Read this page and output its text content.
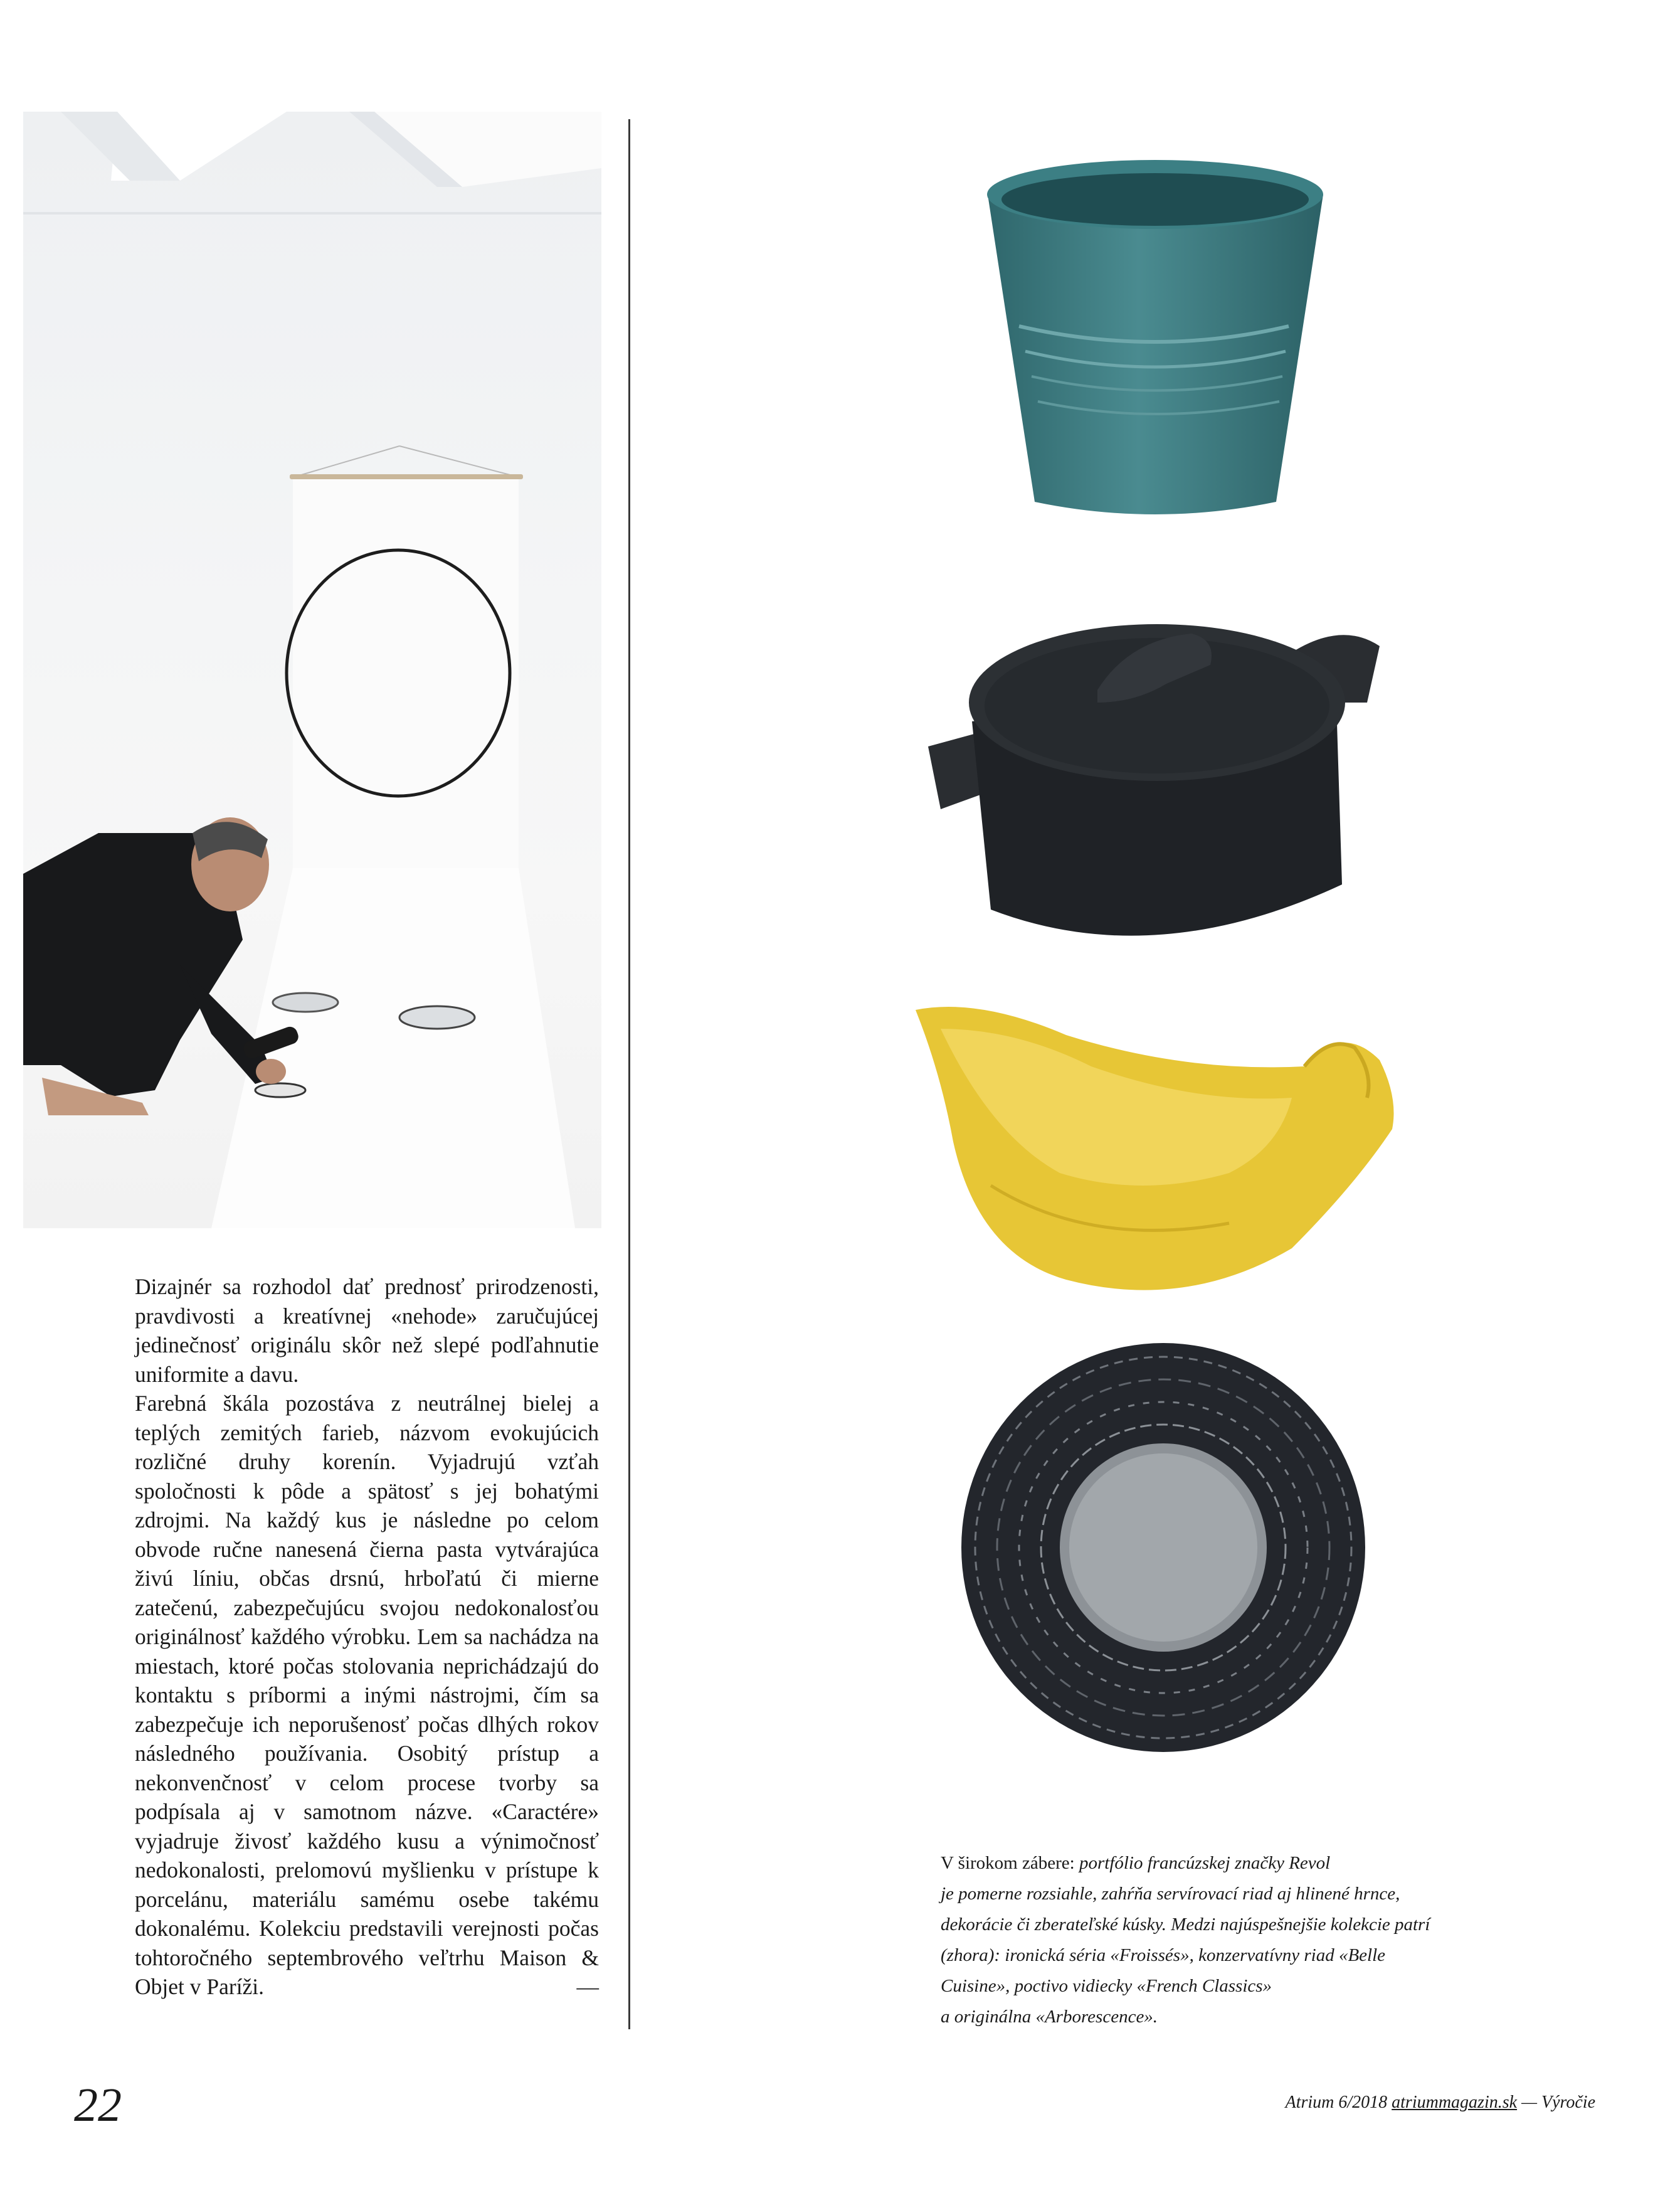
Dizajnér sa rozhodol dať prednosť prirodzenosti, pravdivosti a kreatívnej «nehode» zaručujúcej jedinečnosť originálu skôr než slepé podľahnutie uniformite a davu.

Farebná škála pozostáva z neutrálnej bielej a teplých zemitých farieb, názvom evokujúcich rozličné druhy korenín. Vyjadrujú vzťah spoločnosti k pôde a spätosť s jej bohatými zdrojmi. Na každý kus je následne po celom obvode ručne nanesená čierna pasta vytvárajúca živú líniu, občas drsnú, hrboľatú či mierne zatečenú, zabezpečujúcu svojou nedokonalosťou originálnosť každého výrobku. Lem sa nachádza na miestach, ktoré počas stolovania neprichádzajú do kontaktu s príbormi a inými nástrojmi, čím sa zabezpečuje ich neporušenosť počas dlhých rokov následného používania. Osobitý prístup a nekonvenčnosť v celom procese tvorby sa podpísala aj v samotnom názve. «Caractére» vyjadruje živosť každého kusu a výnimočnosť nedokonalosti, prelomovú myšlienku v prístupe k porcelánu, materiálu samému osebe takému dokonalému. Kolekciu predstavili verejnosti počas tohtoročného septembrového veľtrhu Maison & Objet v Paríži.	—

V širokom zábere: portfólio francúzskej značky Revol
je pomerne rozsiahle, zahŕňa servírovací riad aj hlinené hrnce,
dekorácie či zberateľské kúsky. Medzi najúspešnejšie kolekcie patrí
(zhora): ironická séria «Froissés», konzervatívny riad «Belle
Cuisine», poctivo vidiecky «French Classics»
a originálna «Arborescence».
22	Atrium 6/2018 atriummagazin.sk — Výročie
